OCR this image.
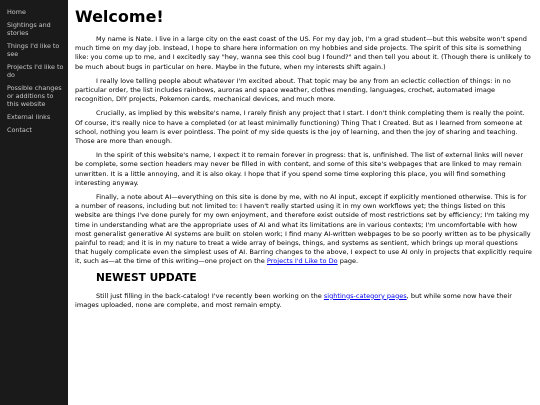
Home
Sightings and stories
Things I'd like to see
Projects I'd like to do
Possible changes or additions to this website
External links
Contact
Welcome!

My name is Nate. I live in a large city on the east coast of the US. For my day job, I'm a grad student—but this website won't spend much time on my day job. Instead, I hope to share here information on my hobbies and side projects. The spirit of this site is something like: you come up to me, and I excitedly say "hey, wanna see this cool bug I found?" and then tell you about it. (Though there is unlikely to be much about bugs in particular on here. Maybe in the future, when my interests shift again.)

I really love telling people about whatever I'm excited about. That topic may be any from an eclectic collection of things: in no particular order, the list includes rainbows, auroras and space weather, clothes mending, languages, crochet, automated image recognition, DIY projects, Pokemon cards, mechanical devices, and much more.

Crucially, as implied by this website's name, I rarely finish any project that I start. I don't think completing them is really the point. Of course, it's really nice to have a completed (or at least minimally functioning) Thing That I Created. But as I learned from someone at school, nothing you learn is ever pointless. The point of my side quests is the joy of learning, and then the joy of sharing and teaching. Those are more than enough.

In the spirit of this website's name, I expect it to remain forever in progress: that is, unfinished. The list of external links will never be complete, some section headers may never be filled in with content, and some of this site's webpages that are linked to may remain unwritten. It is a little annoying, and it is also okay. I hope that if you spend some time exploring this place, you will find something interesting anyway.

Finally, a note about AI—everything on this site is done by me, with no AI input, except if explicitly mentioned otherwise. This is for a number of reasons, including but not limited to: I haven't really started using it in my own workflows yet; the things listed on this website are things I've done purely for my own enjoyment, and therefore exist outside of most restrictions set by efficiency; I'm taking my time in understanding what are the appropriate uses of AI and what its limitations are in various contexts; I'm uncomfortable with how most generalist generative AI systems are built on stolen work; I find many AI-written webpages to be so poorly written as to be physically painful to read; and it is in my nature to treat a wide array of beings, things, and systems as sentient, which brings up moral questions that hugely complicate even the simplest uses of AI. Barring changes to the above, I expect to use AI only in projects that explicitly require it, such as—at the time of this writing—one project on the Projects I'd Like to Do page.

NEWEST UPDATE

Still just filling in the back-catalog! I've recently been working on the sightings-category pages, but while some now have their images uploaded, none are complete, and most remain empty.
